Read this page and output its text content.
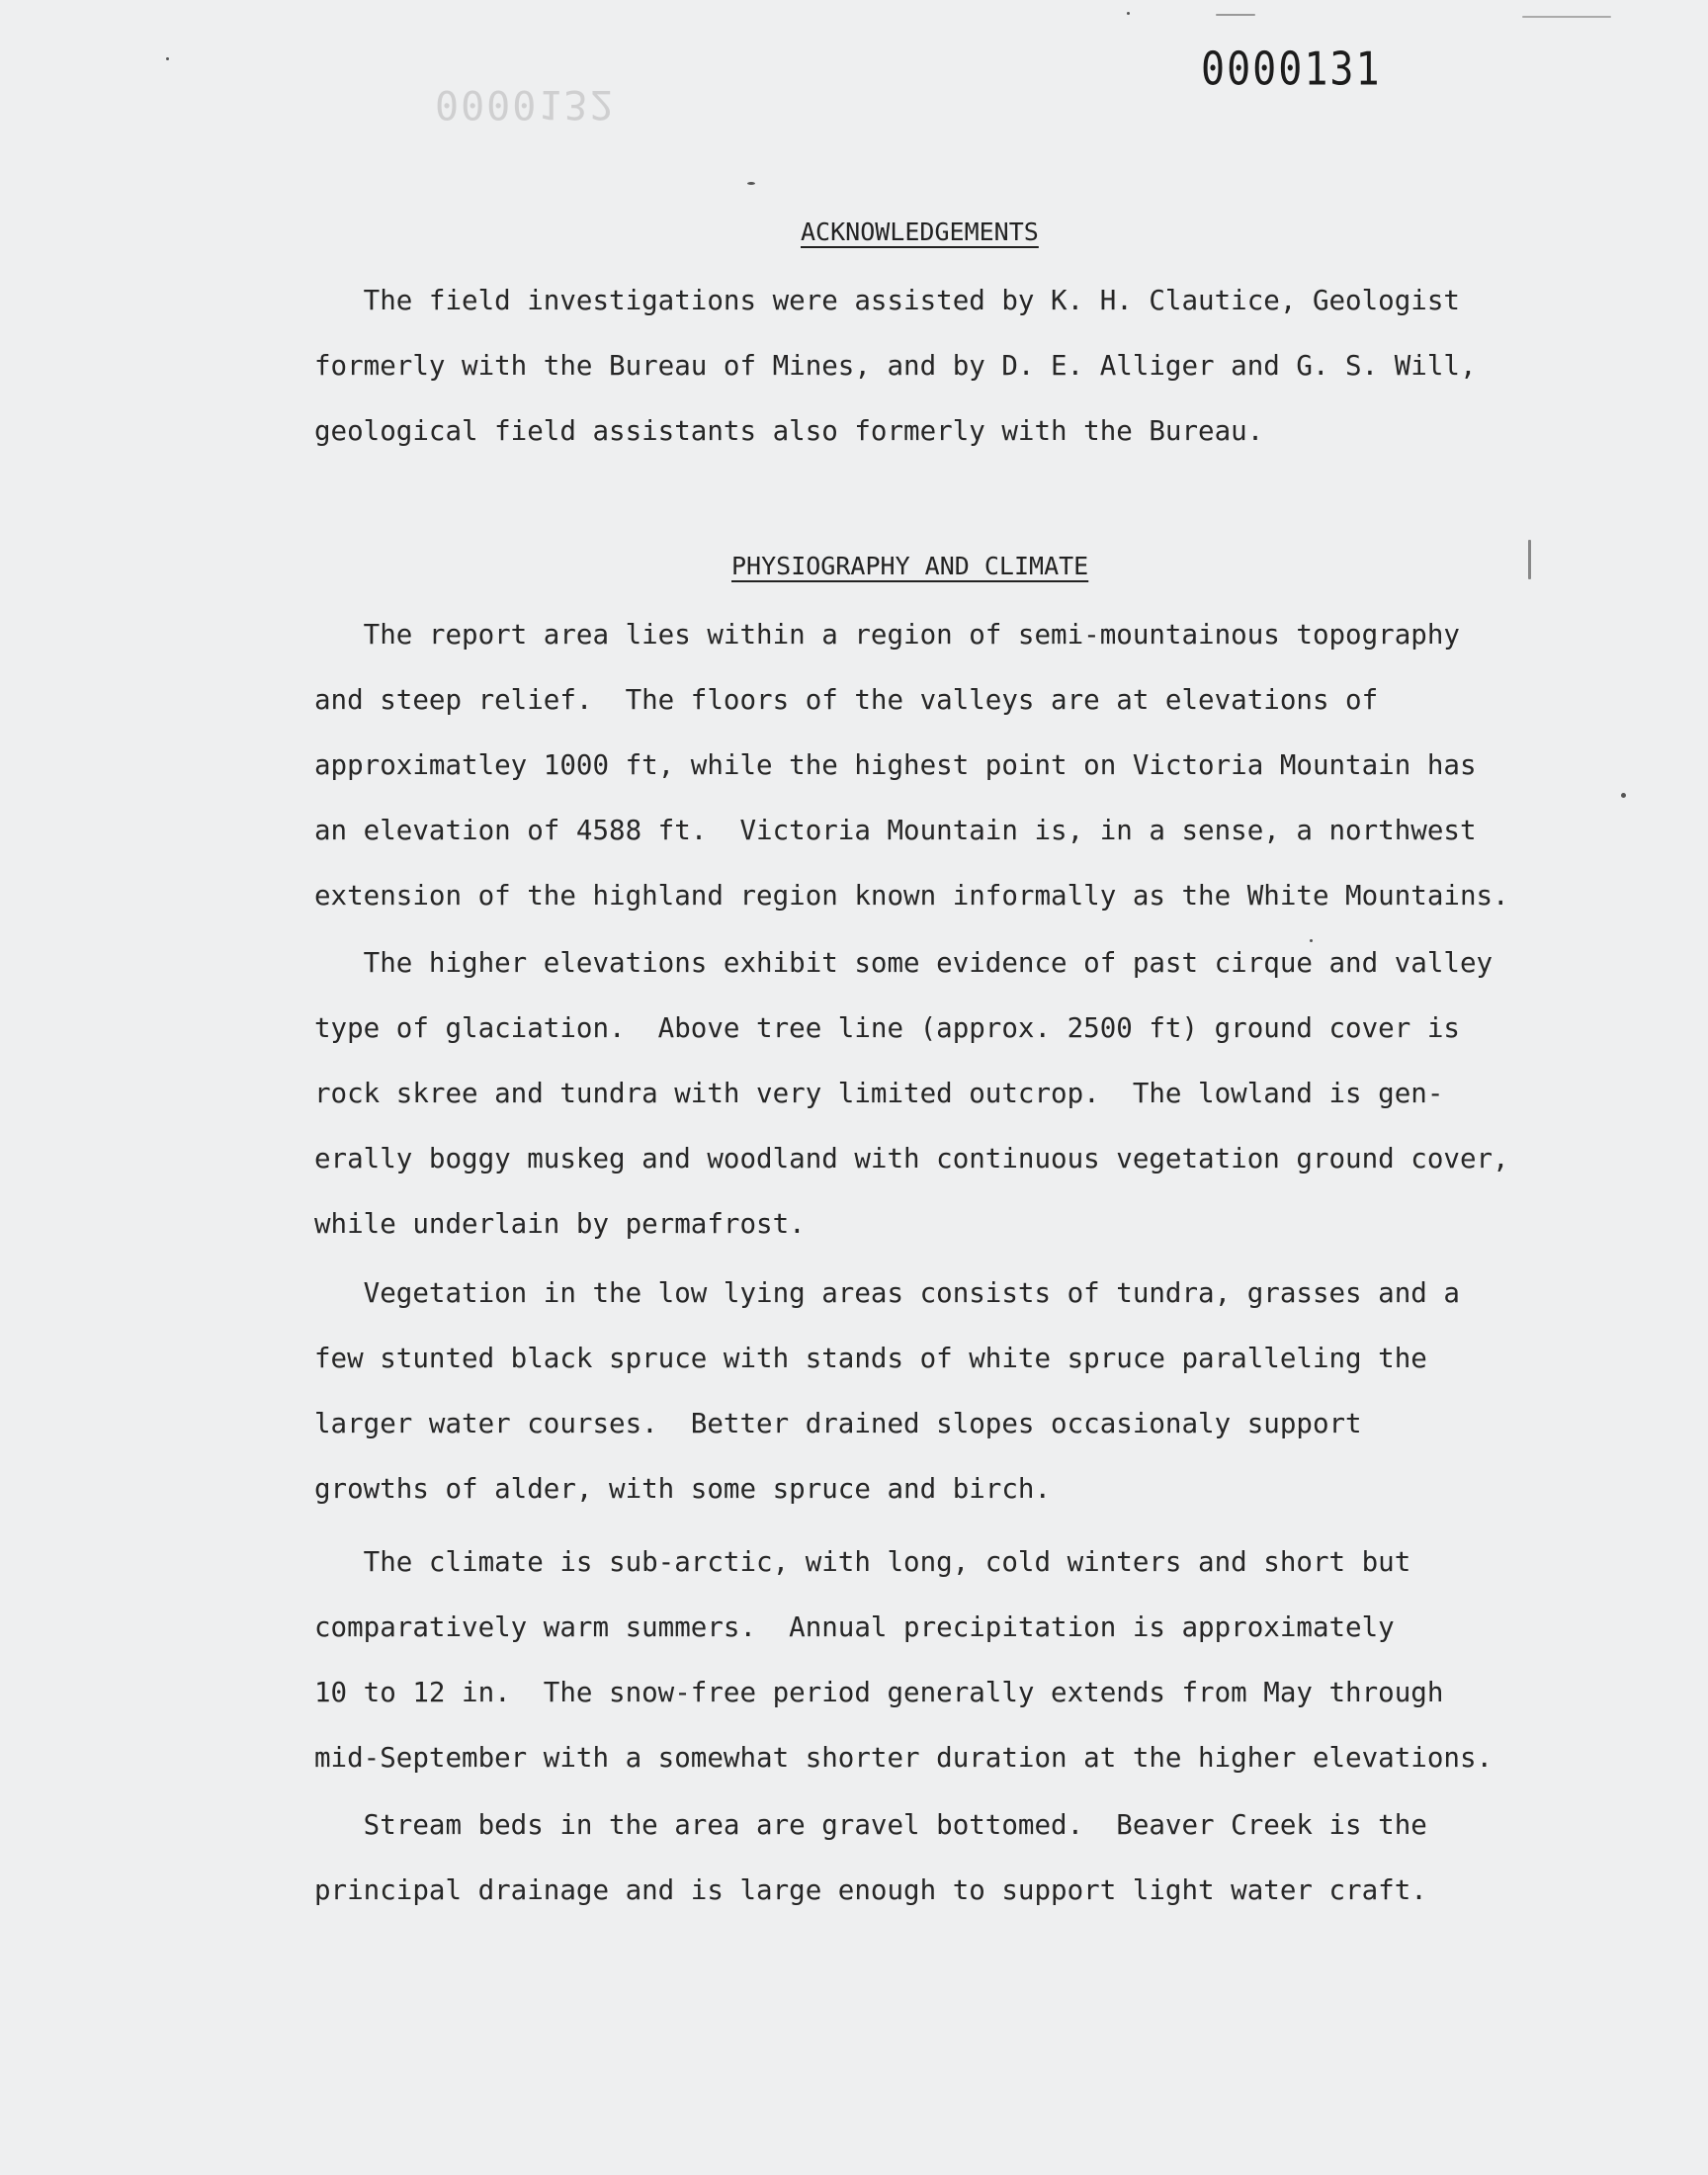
0000132
0000131
ACKNOWLEDGEMENTS
The field investigations were assisted by K. H. Clautice, Geologist
formerly with the Bureau of Mines, and by D. E. Alliger and G. S. Will,
geological field assistants also formerly with the Bureau.
PHYSIOGRAPHY AND CLIMATE
The report area lies within a region of semi-mountainous topography
and steep relief.  The floors of the valleys are at elevations of
approximatley 1000 ft, while the highest point on Victoria Mountain has
an elevation of 4588 ft.  Victoria Mountain is, in a sense, a northwest
extension of the highland region known informally as the White Mountains.
The higher elevations exhibit some evidence of past cirque and valley
type of glaciation.  Above tree line (approx. 2500 ft) ground cover is
rock skree and tundra with very limited outcrop.  The lowland is gen-
erally boggy muskeg and woodland with continuous vegetation ground cover,
while underlain by permafrost.
Vegetation in the low lying areas consists of tundra, grasses and a
few stunted black spruce with stands of white spruce paralleling the
larger water courses.  Better drained slopes occasionaly support
growths of alder, with some spruce and birch.
The climate is sub-arctic, with long, cold winters and short but
comparatively warm summers.  Annual precipitation is approximately
10 to 12 in.  The snow-free period generally extends from May through
mid-September with a somewhat shorter duration at the higher elevations.
Stream beds in the area are gravel bottomed.  Beaver Creek is the
principal drainage and is large enough to support light water craft.
